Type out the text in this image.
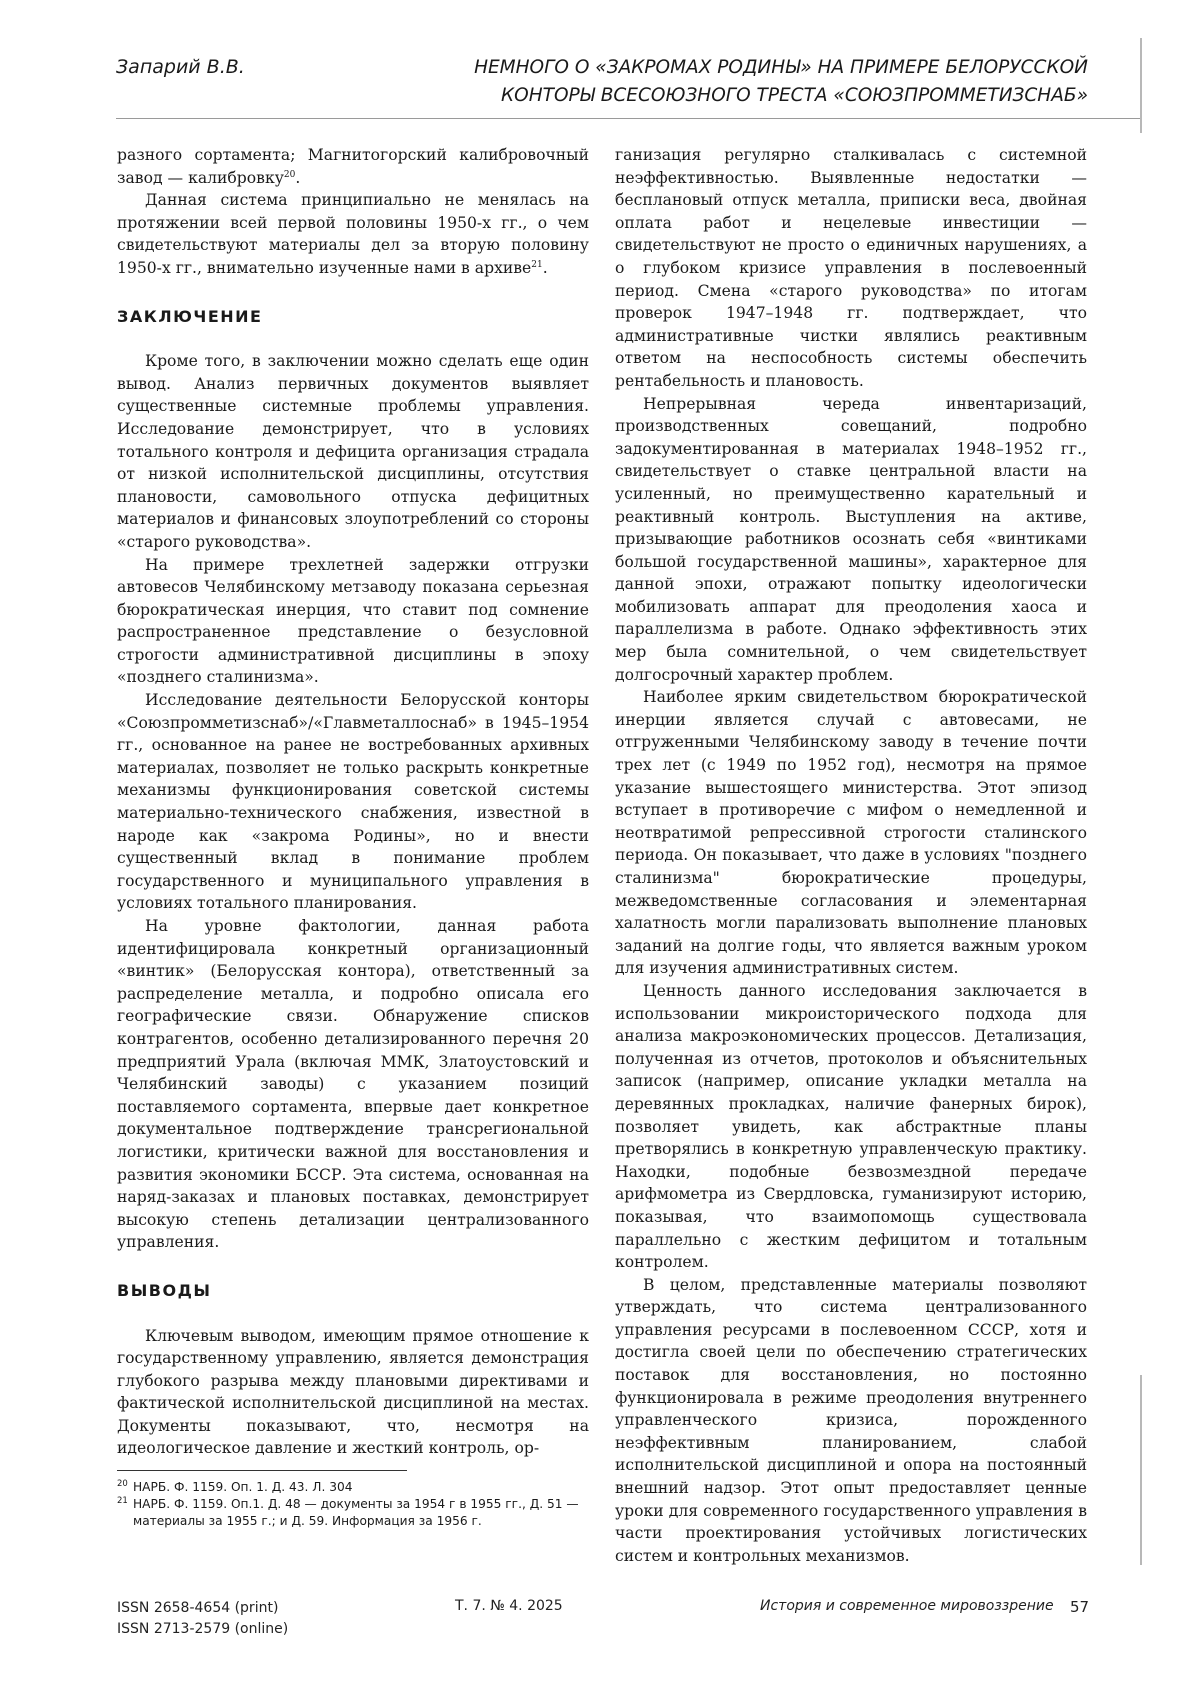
Запарий В.В.	НЕМНОГО О «ЗАКРОМАХ РОДИНЫ» НА ПРИМЕРЕ БЕЛОРУССКОЙ
КОНТОРЫ ВСЕСОЮЗНОГО ТРЕСТА «СОЮЗПРОММЕТИЗСНАБ»

разного сортамента; Магнитогорский калибровочный завод — калибровку$^{20}$.

Данная система принципиально не менялась на протяжении всей первой половины 1950-х гг., о чем свидетельствуют материалы дел за вторую половину 1950-х гг., внимательно изученные нами в архиве$^{21}$.

ЗАКЛЮЧЕНИЕ

Кроме того, в заключении можно сделать еще один вывод. Анализ первичных документов выявляет существенные системные проблемы управления. Исследование демонстрирует, что в условиях тотального контроля и дефицита организация страдала от низкой исполнительской дисциплины, отсутствия плановости, самовольного отпуска дефицитных материалов и финансовых злоупотреблений со стороны «старого руководства».

На примере трехлетней задержки отгрузки автовесов Челябинскому метзаводу показана серьезная бюрократическая инерция, что ставит под сомнение распространенное представление о безусловной строгости административной дисциплины в эпоху «позднего сталинизма».

Исследование деятельности Белорусской конторы «Союзпромметизснаб»/«Главметаллоснаб» в 1945–1954 гг., основанное на ранее не востребованных архивных материалах, позволяет не только раскрыть конкретные механизмы функционирования советской системы материально-технического снабжения, известной в народе как «закрома Родины», но и внести существенный вклад в понимание проблем государственного и муниципального управления в условиях тотального планирования.

На уровне фактологии, данная работа идентифицировала конкретный организационный «винтик» (Белорусская контора), ответственный за распределение металла, и подробно описала его географические связи. Обнаружение списков контрагентов, особенно детализированного перечня 20 предприятий Урала (включая ММК, Златоустовский и Челябинский заводы) с указанием позиций поставляемого сортамента, впервые дает конкретное документальное подтверждение трансрегиональной логистики, критически важной для восстановления и развития экономики БССР. Эта система, основанная на наряд-заказах и плановых поставках, демонстрирует высокую степень детализации централизованного управления.

ВЫВОДЫ

Ключевым выводом, имеющим прямое отношение к государственному управлению, является демонстрация глубокого разрыва между плановыми директивами и фактической исполнительской дисциплиной на местах. Документы показывают, что, несмотря на идеологическое давление и жесткий контроль, ор-

20 НАРБ. Ф. 1159. Оп. 1. Д. 43. Л. 304
21 НАРБ. Ф. 1159. Оп.1. Д. 48 — документы за 1954 г в 1955 гг., Д. 51 — материалы за 1955 г.; и Д. 59. Информация за 1956 г.

ганизация регулярно сталкивалась с системной неэффективностью. Выявленные недостатки — бесплановый отпуск металла, приписки веса, двойная оплата работ и нецелевые инвестиции — свидетельствуют не просто о единичных нарушениях, а о глубоком кризисе управления в послевоенный период. Смена «старого руководства» по итогам проверок 1947–1948 гг. подтверждает, что административные чистки являлись реактивным ответом на неспособность системы обеспечить рентабельность и плановость.

Непрерывная череда инвентаризаций, производственных совещаний, подробно задокументированная в материалах 1948–1952 гг., свидетельствует о ставке центральной власти на усиленный, но преимущественно карательный и реактивный контроль. Выступления на активе, призывающие работников осознать себя «винтиками большой государственной машины», характерное для данной эпохи, отражают попытку идеологически мобилизовать аппарат для преодоления хаоса и параллелизма в работе. Однако эффективность этих мер была сомнительной, о чем свидетельствует долгосрочный характер проблем.

Наиболее ярким свидетельством бюрократической инерции является случай с автовесами, не отгруженными Челябинскому заводу в течение почти трех лет (с 1949 по 1952 год), несмотря на прямое указание вышестоящего министерства. Этот эпизод вступает в противоречие с мифом о немедленной и неотвратимой репрессивной строгости сталинского периода. Он показывает, что даже в условиях "позднего сталинизма" бюрократические процедуры, межведомственные согласования и элементарная халатность могли парализовать выполнение плановых заданий на долгие годы, что является важным уроком для изучения административных систем.

Ценность данного исследования заключается в использовании микроисторического подхода для анализа макроэкономических процессов. Детализация, полученная из отчетов, протоколов и объяснительных записок (например, описание укладки металла на деревянных прокладках, наличие фанерных бирок), позволяет увидеть, как абстрактные планы претворялись в конкретную управленческую практику. Находки, подобные безвозмездной передаче арифмометра из Свердловска, гуманизируют историю, показывая, что взаимопомощь существовала параллельно с жестким дефицитом и тотальным контролем.

В целом, представленные материалы позволяют утверждать, что система централизованного управления ресурсами в послевоенном СССР, хотя и достигла своей цели по обеспечению стратегических поставок для восстановления, но постоянно функционировала в режиме преодоления внутреннего управленческого кризиса, порожденного неэффективным планированием, слабой исполнительской дисциплиной и опора на постоянный внешний надзор. Этот опыт предоставляет ценные уроки для современного государственного управления в части проектирования устойчивых логистических систем и контрольных механизмов.

ISSN 2658-4654 (print)
ISSN 2713-2579 (online)
Т. 7. № 4. 2025	История и современное мировоззрение 57
